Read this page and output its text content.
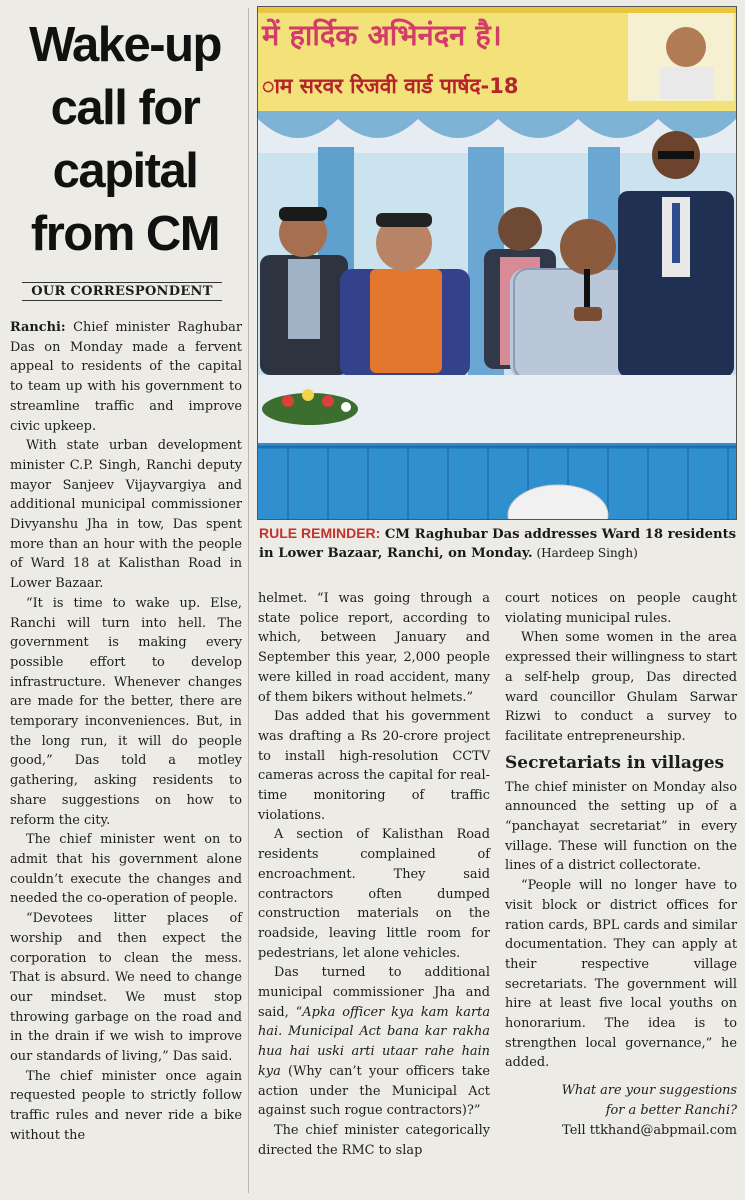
Wake-up
call for
capital
from CM
OUR CORRESPONDENT

Ranchi: Chief minister Raghubar Das on Monday made a fervent appeal to residents of the capital to team up with his government to streamline traffic and improve civic upkeep.

With state urban development minister C.P. Singh, Ranchi deputy mayor Sanjeev Vijayvargiya and additional municipal commissioner Divyanshu Jha in tow, Das spent more than an hour with the people of Ward 18 at Kalisthan Road in Lower Bazaar.

“It is time to wake up. Else, Ranchi will turn into hell. The government is making every possible effort to develop infrastructure. Whenever changes are made for the better, there are temporary inconveniences. But, in the long run, it will do people good,” Das told a motley gathering, asking residents to share suggestions on how to reform the city.

The chief minister went on to admit that his government alone couldn’t execute the changes and needed the co-operation of people.

“Devotees litter places of worship and then expect the corporation to clean the mess. That is absurd. We need to change our mindset. We must stop throwing garbage on the road and in the drain if we wish to improve our standards of living,” Das said.

The chief minister once again requested people to strictly follow traffic rules and never ride a bike without the

में हार्दिक अभिनंदन है।
ाम सरवर रिजवी वार्ड पार्षद-18
RULE REMINDER: CM Raghubar Das addresses Ward 18 residents in Lower Bazaar, Ranchi, on Monday. (Hardeep Singh)

helmet. “I was going through a state police report, according to which, between January and September this year, 2,000 people were killed in road accident, many of them bikers without helmets.”

Das added that his government was drafting a Rs 20-crore project to install high-resolution CCTV cameras across the capital for real-time monitoring of traffic violations.

A section of Kalisthan Road residents complained of encroachment. They said contractors often dumped construction materials on the roadside, leaving little room for pedestrians, let alone vehicles.

Das turned to additional municipal commissioner Jha and said, “Apka officer kya kam karta hai. Municipal Act bana kar rakha hua hai uski arti utaar rahe hain kya (Why can’t your officers take action under the Municipal Act against such rogue contractors)?”

The chief minister categorically directed the RMC to slap

court notices on people caught violating municipal rules.

When some women in the area expressed their willingness to start a self-help group, Das directed ward councillor Ghulam Sarwar Rizwi to conduct a survey to facilitate entrepreneurship.

Secretariats in villages

The chief minister on Monday also announced the setting up of a “panchayat secretariat” in every village. These will function on the lines of a district collectorate.

“People will no longer have to visit block or district offices for ration cards, BPL cards and similar documentation. They can apply at their respective village secretariats. The government will hire at least five local youths on honorarium. The idea is to strengthen local governance,” he added.

What are your suggestions
for a better Ranchi?
Tell ttkhand@abpmail.com
